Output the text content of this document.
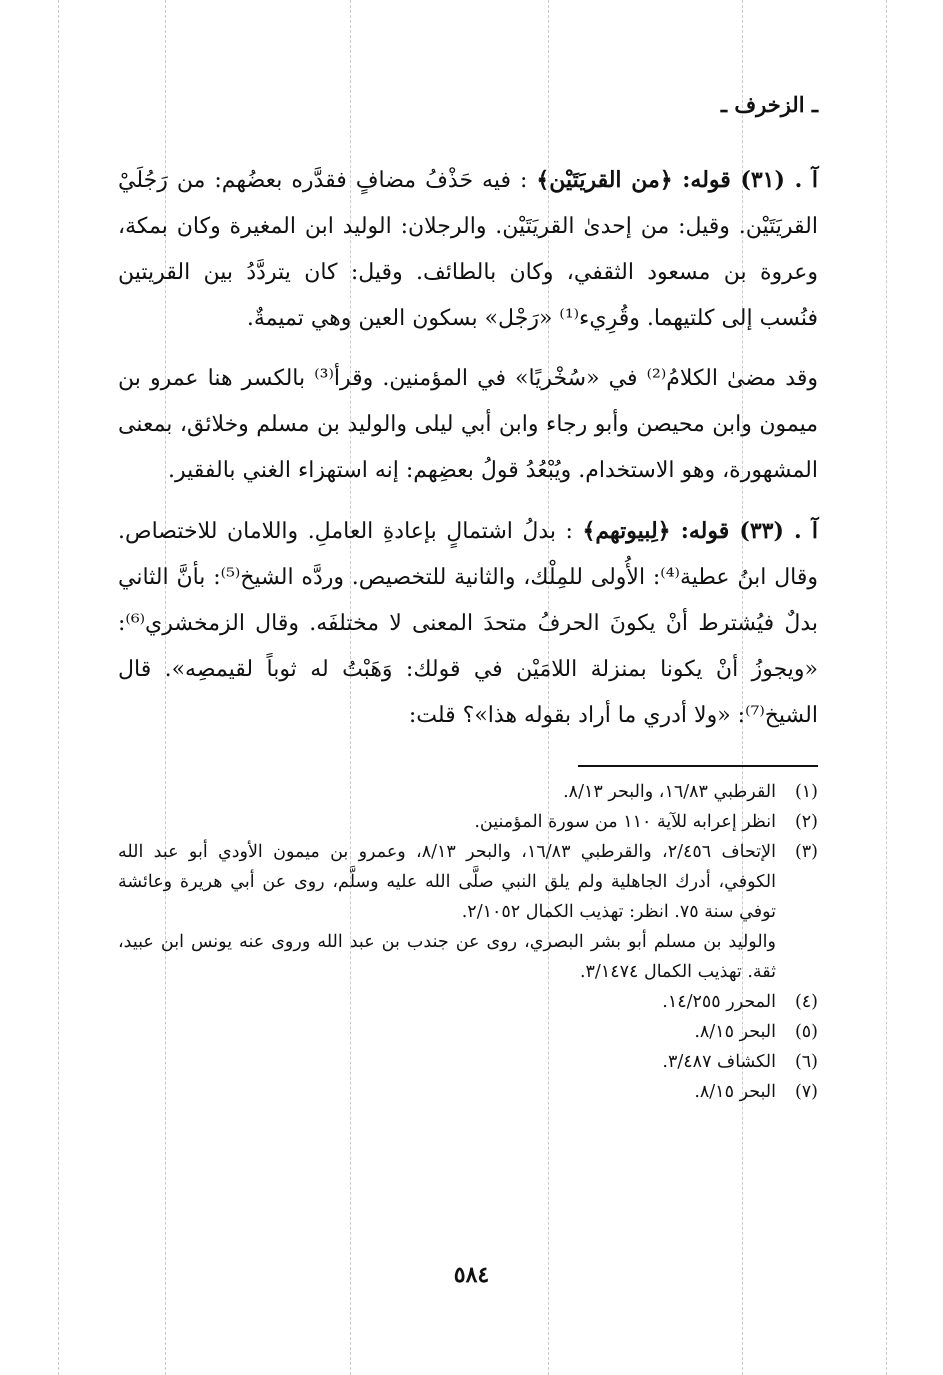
ـ الزخرف ـ

آ . (٣١) قوله: ﴿من القريَتَيْن﴾ : فيه حَذْفُ مضافٍ فقدَّره بعضُهم: من رَجُلَيْ القريَتَيْن. وقيل: من إحدىٰ القريَتَيْن. والرجلان: الوليد ابن المغيرة وكان بمكة، وعروة بن مسعود الثقفي، وكان بالطائف. وقيل: كان يتردَّدُ بين القريتين فنُسب إلى كلتيهما. وقُرِيء⁽¹⁾ «رَجْل» بسكون العين وهي تميمةٌ.

وقد مضىٰ الكلامُ⁽²⁾ في «سُخْريًا» في المؤمنين. وقرأ⁽³⁾ بالكسر هنا عمرو بن ميمون وابن محيصن وأبو رجاء وابن أبي ليلى والوليد بن مسلم وخلائق، بمعنى المشهورة، وهو الاستخدام. ويُبْعُدُ قولُ بعضِهم: إنه استهزاء الغني بالفقير.

آ . (٣٣) قوله: ﴿لِبيوتهم﴾ : بدلُ اشتمالٍ بإعادةِ العاملِ. واللامان للاختصاص. وقال ابنُ عطية⁽⁴⁾: الأُولى للمِلْك، والثانية للتخصيص. وردَّه الشيخ⁽⁵⁾: بأنَّ الثاني بدلٌ فيُشترط أنْ يكونَ الحرفُ متحدَ المعنى لا مختلفَه. وقال الزمخشري⁽⁶⁾: «ويجوزُ أنْ يكونا بمنزلة اللامَيْن في قولك: وَهَبْتُ له ثوباً لقيمصِه». قال الشيخ⁽⁷⁾: «ولا أدري ما أراد بقوله هذا»؟ قلت:

(١)
القرطبي ١٦/٨٣، والبحر ٨/١٣.
(٢)
انظر إعرابه للآية ١١٠ من سورة المؤمنين.
(٣)
الإتحاف ٢/٤٥٦، والقرطبي ١٦/٨٣، والبحر ٨/١٣، وعمرو بن ميمون الأودي أبو عبد الله الكوفي، أدرك الجاهلية ولم يلق النبي صلَّى الله عليه وسلَّم، روى عن أبي هريرة وعائشة توفي سنة ٧٥. انظر: تهذيب الكمال ٢/١٠٥٢.

والوليد بن مسلم أبو بشر البصري، روى عن جندب بن عبد الله وروى عنه يونس ابن عبيد، ثقة. تهذيب الكمال ٣/١٤٧٤.

(٤)
المحرر ١٤/٢٥٥.
(٥)
البحر ٨/١٥.
(٦)
الكشاف ٣/٤٨٧.
(٧)
البحر ٨/١٥.
٥٨٤
